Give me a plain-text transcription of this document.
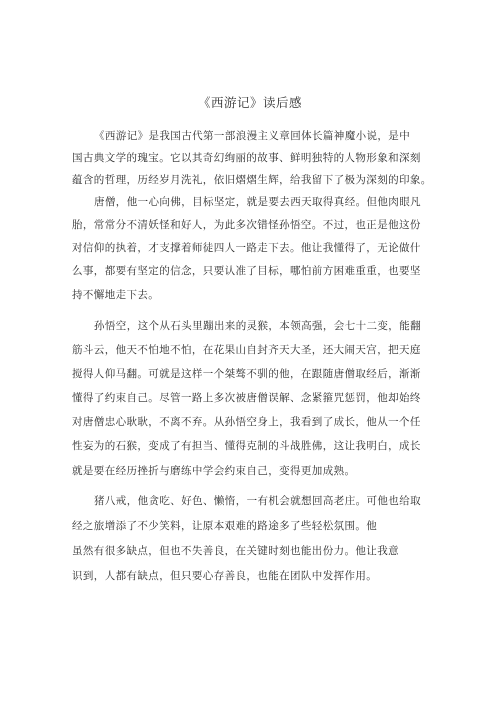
《西游记》读后感
《西游记》是我国古代第一部浪漫主义章回体长篇神魔小说，是中
国古典文学的瑰宝。它以其奇幻绚丽的故事、鲜明独特的人物形象和深刻
蕴含的哲理，历经岁月洗礼，依旧熠熠生辉，给我留下了极为深刻的印象。
唐僧，他一心向佛，目标坚定，就是要去西天取得真经。但他肉眼凡
胎，常常分不清妖怪和好人，为此多次错怪孙悟空。不过，也正是他这份
对信仰的执着，才支撑着师徒四人一路走下去。他让我懂得了，无论做什
么事，都要有坚定的信念，只要认准了目标，哪怕前方困难重重，也要坚
持不懈地走下去。
孙悟空，这个从石头里蹦出来的灵猴，本领高强，会七十二变，能翻
筋斗云，他天不怕地不怕，在花果山自封齐天大圣，还大闹天宫，把天庭
搅得人仰马翻。可就是这样一个桀骜不驯的他，在跟随唐僧取经后，渐渐
懂得了约束自己。尽管一路上多次被唐僧误解、念紧箍咒惩罚，他却始终
对唐僧忠心耿耿，不离不弃。从孙悟空身上，我看到了成长，他从一个任
性妄为的石猴，变成了有担当、懂得克制的斗战胜佛，这让我明白，成长
就是要在经历挫折与磨练中学会约束自己，变得更加成熟。
猪八戒，他贪吃、好色、懒惰，一有机会就想回高老庄。可他也给取
经之旅增添了不少笑料，让原本艰难的路途多了些轻松氛围。他
虽然有很多缺点，但也不失善良，在关键时刻也能出份力。他让我意
识到，人都有缺点，但只要心存善良，也能在团队中发挥作用。
